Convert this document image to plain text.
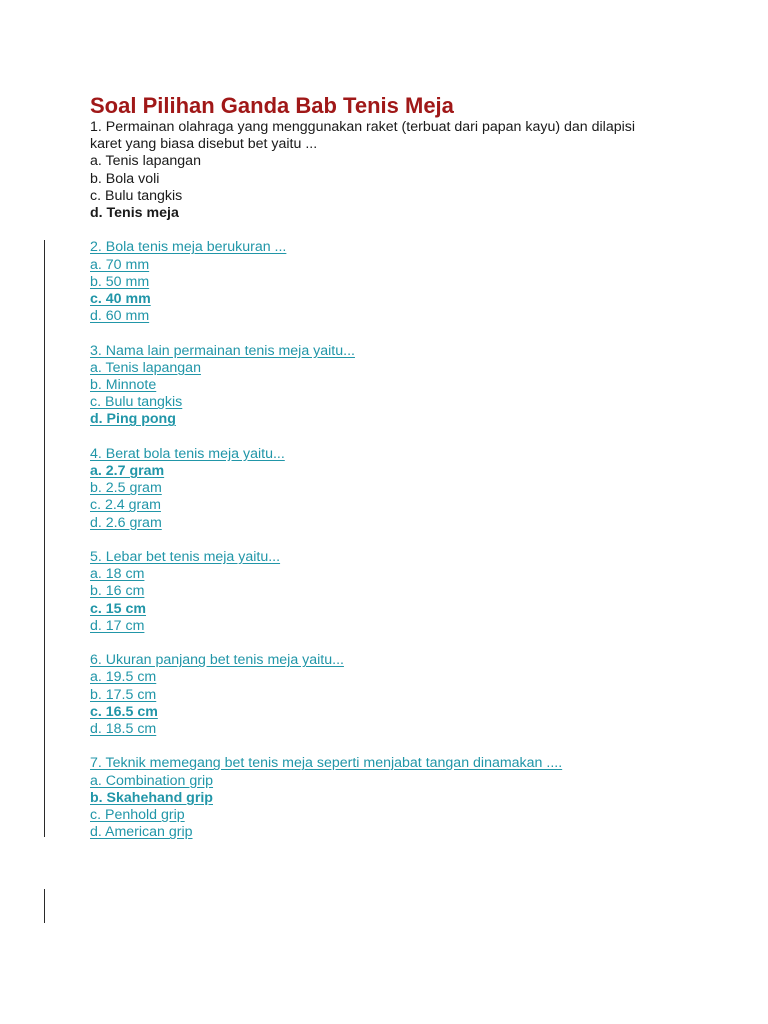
Soal Pilihan Ganda Bab Tenis Meja
1. Permainan olahraga yang menggunakan raket (terbuat dari papan kayu) dan dilapisi
karet yang biasa disebut bet yaitu ...
a. Tenis lapangan
b. Bola voli
c. Bulu tangkis
d. Tenis meja
2. Bola tenis meja berukuran ...
a. 70 mm
b. 50 mm
c. 40 mm
d. 60 mm
3. Nama lain permainan tenis meja yaitu...
a. Tenis lapangan
b. Minnote
c. Bulu tangkis
d. Ping pong
4. Berat bola tenis meja yaitu...
a. 2.7 gram
b. 2.5 gram
c. 2.4 gram
d. 2.6 gram
5. Lebar bet tenis meja yaitu...
a. 18 cm
b. 16 cm
c. 15 cm
d. 17 cm
6. Ukuran panjang bet tenis meja yaitu...
a. 19.5 cm
b. 17.5 cm
c. 16.5 cm
d. 18.5 cm
7. Teknik memegang bet tenis meja seperti menjabat tangan dinamakan ....
a. Combination grip
b. Skahehand grip
c. Penhold grip
d. American grip
